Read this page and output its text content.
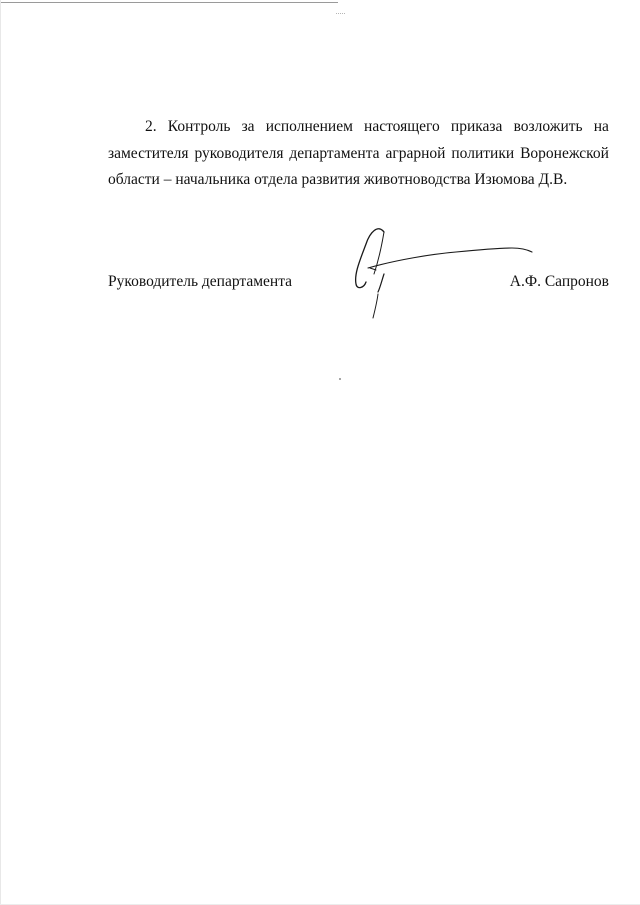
2. Контроль за исполнением настоящего приказа возложить на
заместителя руководителя департамента аграрной политики Воронежской
области – начальника отдела развития животноводства Изюмова Д.В.
Руководитель департамента	А.Ф. Сапронов
